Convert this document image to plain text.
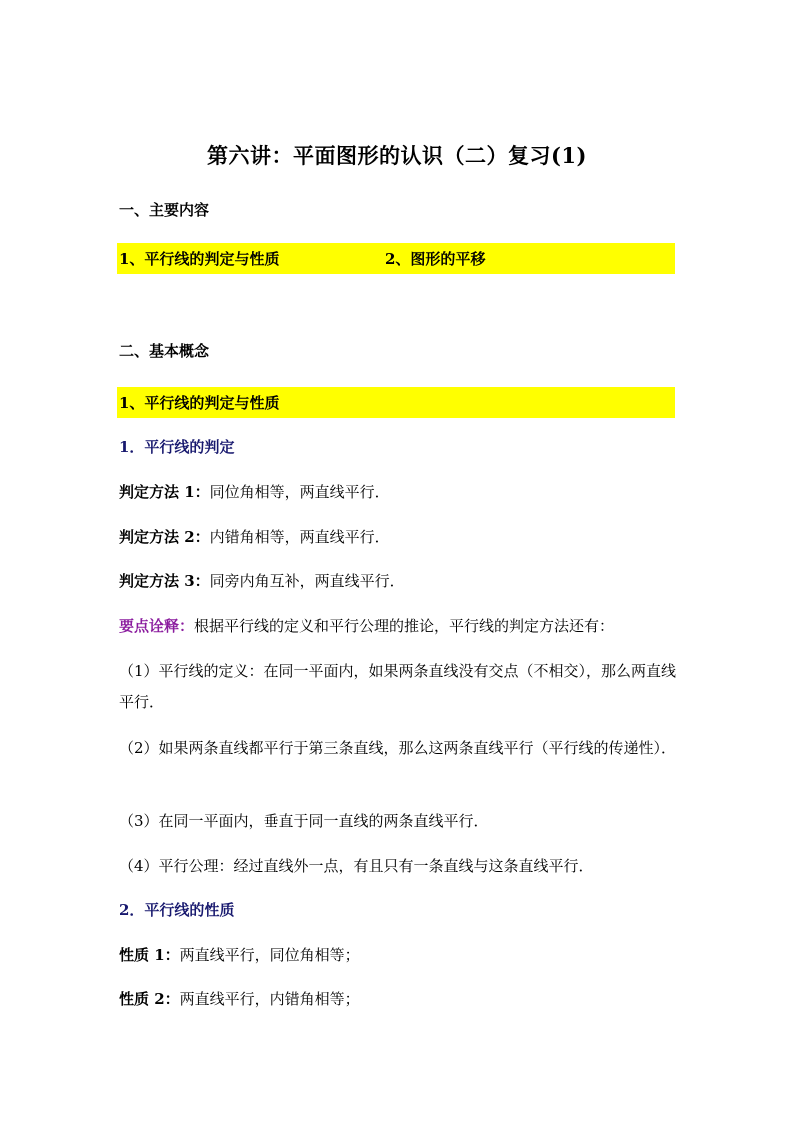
第六讲：平面图形的认识（二）复习(1)
一、主要内容
1、平行线的判定与性质	2、图形的平移
二、基本概念
1、平行线的判定与性质
1．平行线的判定
判定方法 1：同位角相等，两直线平行．
判定方法 2：内错角相等，两直线平行．
判定方法 3：同旁内角互补，两直线平行．
要点诠释：根据平行线的定义和平行公理的推论，平行线的判定方法还有：
（1）平行线的定义：在同一平面内，如果两条直线没有交点（不相交），那么两直线平行．
（2）如果两条直线都平行于第三条直线，那么这两条直线平行（平行线的传递性）．
（3）在同一平面内，垂直于同一直线的两条直线平行．
（4）平行公理：经过直线外一点，有且只有一条直线与这条直线平行．
2．平行线的性质
性质 1：两直线平行，同位角相等；
性质 2：两直线平行，内错角相等；
